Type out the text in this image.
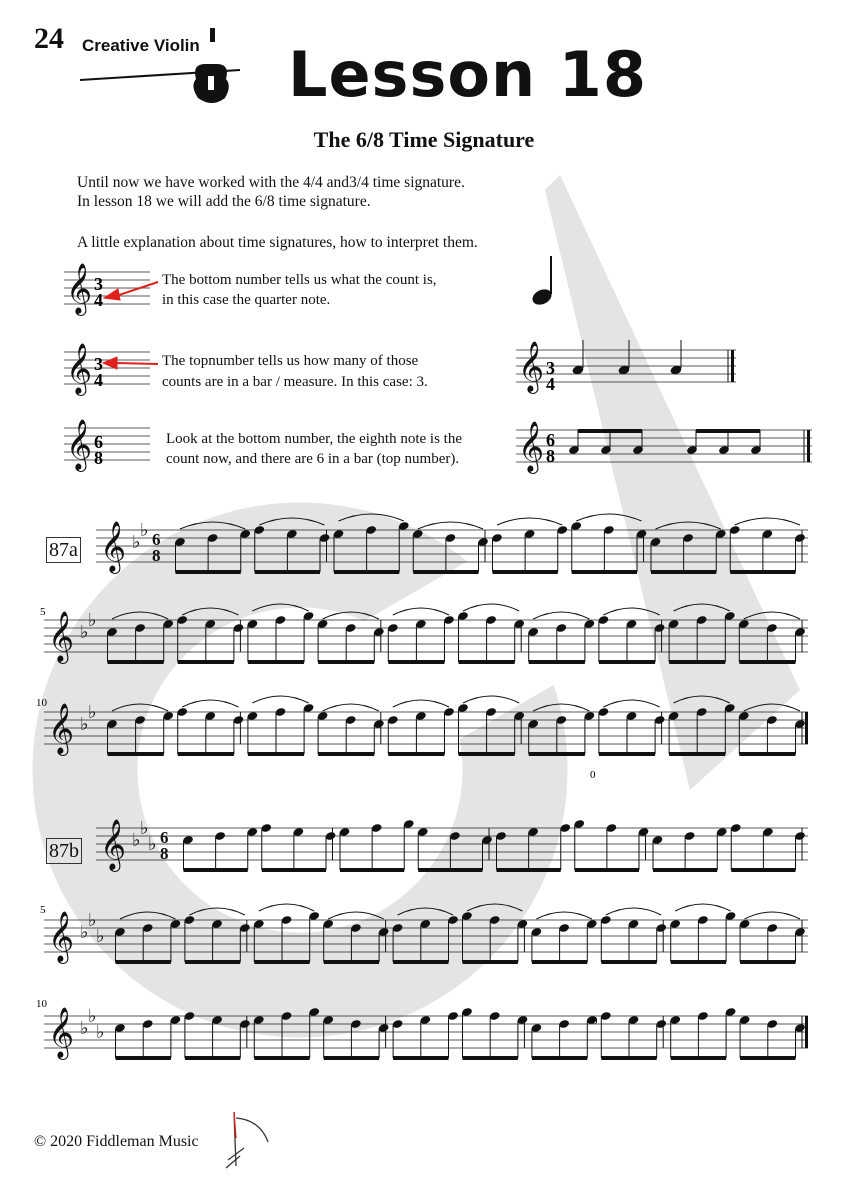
24 Creative Violin Lesson 18
The 6/8 Time Signature
Until now we have worked with the 4/4 and3/4 time signature.
In lesson 18 we will add the 6/8 time signature.
A little explanation about time signatures, how to interpret them.
The bottom number tells us what the count is,
in this case the quarter note.
The topnumber tells us how many of those
counts are in a bar / measure. In this case: 3.
Look at the bottom number, the eighth note is the
count now, and there are 6 in a bar (top number).
𝄞
𝄞
𝄞
𝄞
𝄞
3
4
3
4
6
8
3
4
6
8
𝄞 ♭
♭ 6
8
𝄞 ♭
♭
𝄞 ♭
♭
𝄞 ♭
♭
♭ 6
8
𝄞 ♭
♭
♭
𝄞 ♭
♭
♭
5
10
5
10
0
0
87a
87b
© 2020 Fiddleman Music
